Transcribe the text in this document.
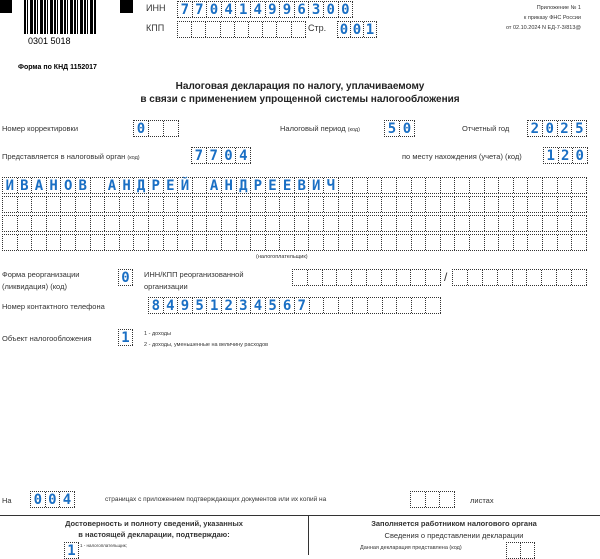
0301 5018
ИНН 7 7 0 4 1 4 9 9 6 3 0 0
КПП	Стр. 0 0 1
Приложение № 1
к приказу ФНС России
от 02.10.2024 N ЕД-7-3/813@
Форма по КНД 1152017
Налоговая декларация по налогу, уплачиваемому
в связи с применением упрощенной системы налогообложения
Номер корректировки	0	Налоговый период (код) 5 0	Отчетный год 2 0 2 5
Представляется в налоговый орган (код)	7 7 0 4	по месту нахождения (учета) (код) 1 2 0
И В А Н О В А Н Д Р Е Й А Н Д Р Е Е В И Ч
(налогоплательщик)
Форма реорганизации
(ликвидация) (код)
0	ИНН/КПП реорганизованной
организации
/
Номер контактного телефона	8 4 9 5 1 2 3 4 5 6 7
Объект налогообложения 1	1 - доходы
2 - доходы, уменьшенные на величину расходов
На 0 0 4	страницах с приложением подтверждающих документов или их копий на	листах
Достоверность и полноту сведений, указанных
в настоящей декларации, подтверждаю:
1 1 - налогоплательщик;
Заполняется работником налогового органа
Сведения о представлении декларации
Данная декларация представлена (код)
